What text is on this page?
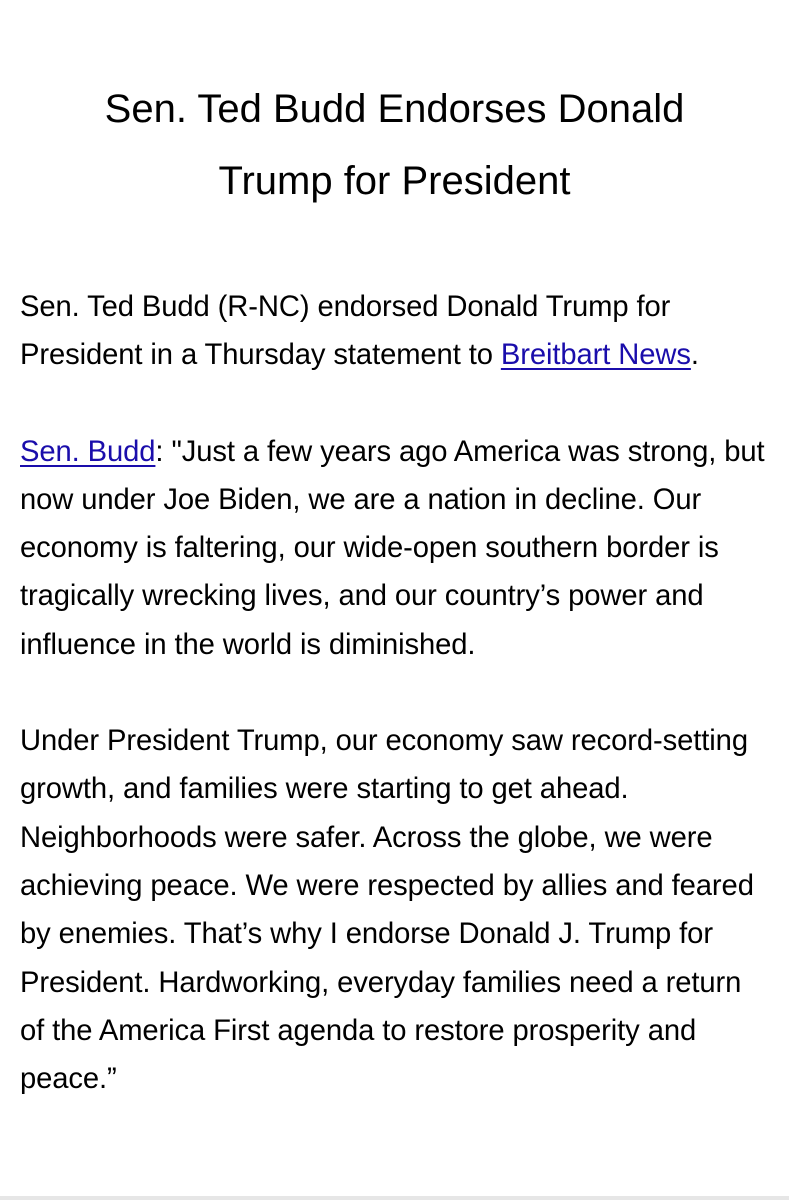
Sen. Ted Budd Endorses Donald Trump for President

Sen. Ted Budd (R-NC) endorsed Donald Trump for President in a Thursday statement to Breitbart News.

Sen. Budd: "Just a few years ago America was strong, but now under Joe Biden, we are a nation in decline. Our economy is faltering, our wide-open southern border is tragically wrecking lives, and our country’s power and influence in the world is diminished.

Under President Trump, our economy saw record-setting growth, and families were starting to get ahead. Neighborhoods were safer. Across the globe, we were achieving peace. We were respected by allies and feared by enemies. That’s why I endorse Donald J. Trump for President. Hardworking, everyday families need a return of the America First agenda to restore prosperity and peace.”
